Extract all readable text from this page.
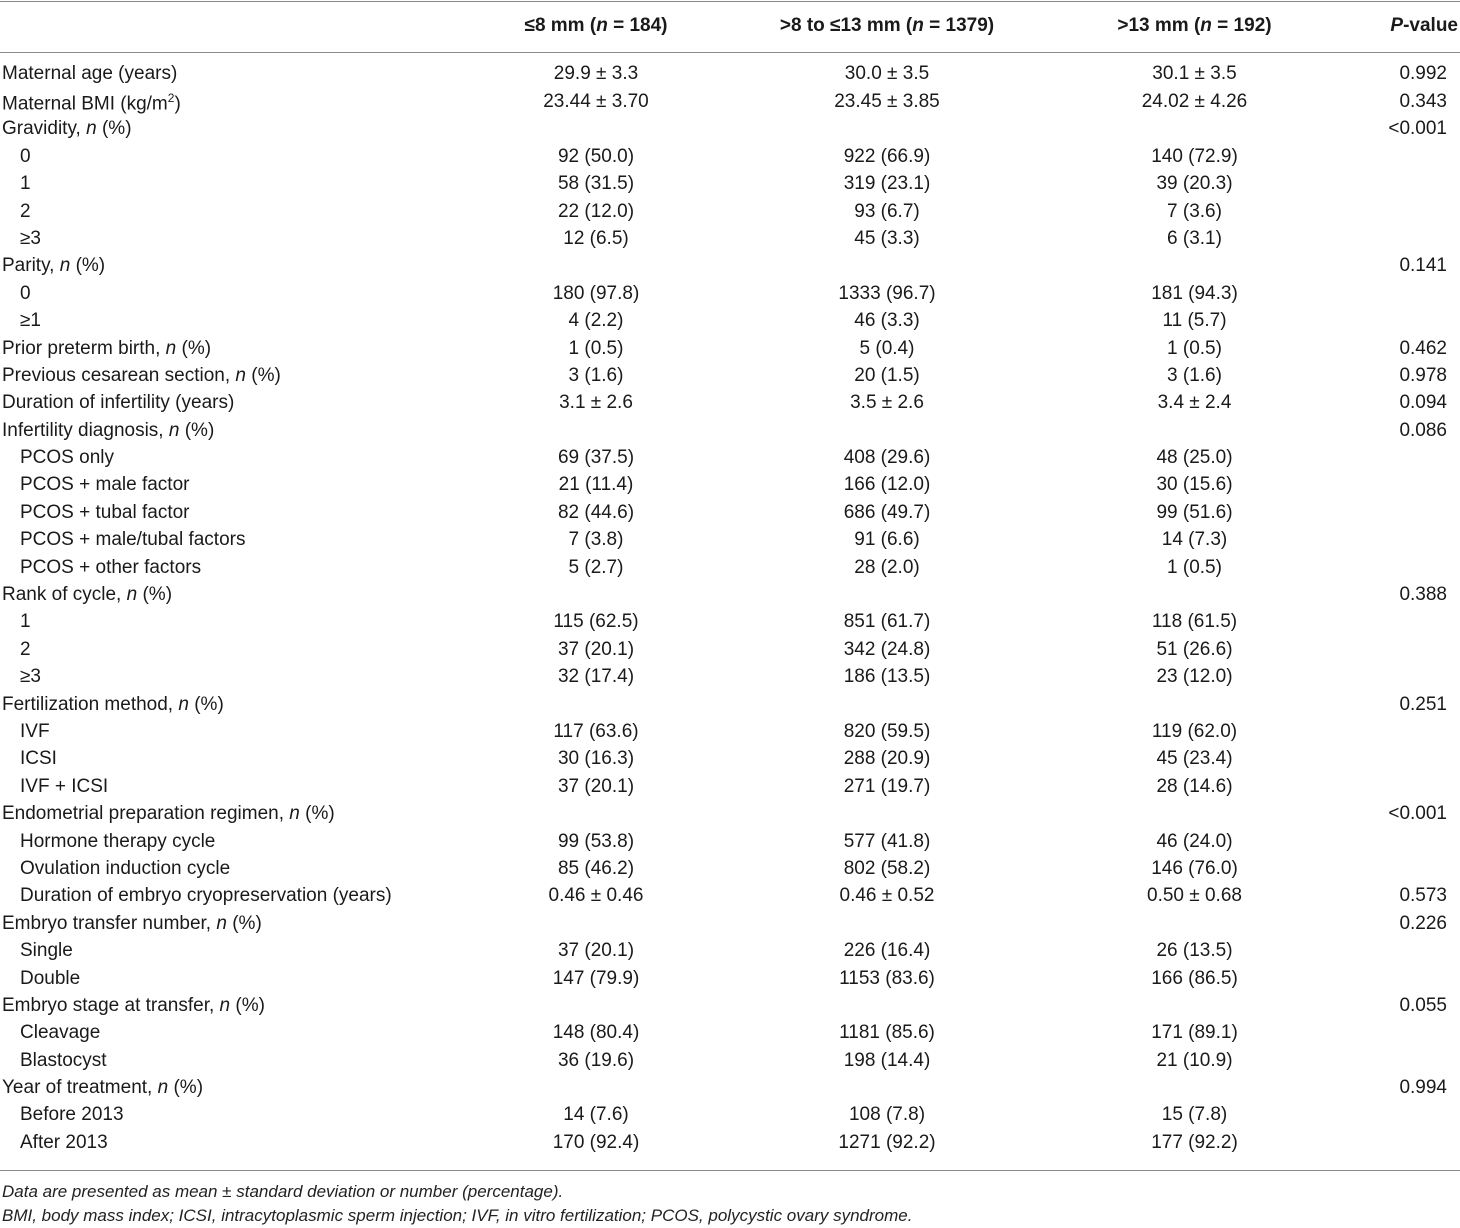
	≤8 mm (n = 184)	>8 to ≤13 mm (n = 1379)	>13 mm (n = 192)	P-value

Maternal age (years)	29.9 ± 3.3	30.0 ± 3.5	30.1 ± 3.5	0.992
Maternal BMI $(kg/m^2)$	23.44 ± 3.70	23.45 ± 3.85	24.02 ± 4.26	0.343
Gravidity, n (%)				<0.001
0	92 (50.0)	922 (66.9)	140 (72.9)	
1	58 (31.5)	319 (23.1)	39 (20.3)	
2	22 (12.0)	93 (6.7)	7 (3.6)	
≥3	12 (6.5)	45 (3.3)	6 (3.1)	
Parity, n (%)				0.141
0	180 (97.8)	1333 (96.7)	181 (94.3)	
≥1	4 (2.2)	46 (3.3)	11 (5.7)	
Prior preterm birth, n (%)	1 (0.5)	5 (0.4)	1 (0.5)	0.462
Previous cesarean section, n (%)	3 (1.6)	20 (1.5)	3 (1.6)	0.978
Duration of infertility (years)	3.1 ± 2.6	3.5 ± 2.6	3.4 ± 2.4	0.094
Infertility diagnosis, n (%)				0.086
PCOS only	69 (37.5)	408 (29.6)	48 (25.0)	
PCOS + male factor	21 (11.4)	166 (12.0)	30 (15.6)	
PCOS + tubal factor	82 (44.6)	686 (49.7)	99 (51.6)	
PCOS + male/tubal factors	7 (3.8)	91 (6.6)	14 (7.3)	
PCOS + other factors	5 (2.7)	28 (2.0)	1 (0.5)	
Rank of cycle, n (%)				0.388
1	115 (62.5)	851 (61.7)	118 (61.5)	
2	37 (20.1)	342 (24.8)	51 (26.6)	
≥3	32 (17.4)	186 (13.5)	23 (12.0)	
Fertilization method, n (%)				0.251
IVF	117 (63.6)	820 (59.5)	119 (62.0)	
ICSI	30 (16.3)	288 (20.9)	45 (23.4)	
IVF + ICSI	37 (20.1)	271 (19.7)	28 (14.6)	
Endometrial preparation regimen, n (%)				<0.001
Hormone therapy cycle	99 (53.8)	577 (41.8)	46 (24.0)	
Ovulation induction cycle	85 (46.2)	802 (58.2)	146 (76.0)	
Duration of embryo cryopreservation (years)	0.46 ± 0.46	0.46 ± 0.52	0.50 ± 0.68	0.573
Embryo transfer number, n (%)				0.226
Single	37 (20.1)	226 (16.4)	26 (13.5)	
Double	147 (79.9)	1153 (83.6)	166 (86.5)	
Embryo stage at transfer, n (%)				0.055
Cleavage	148 (80.4)	1181 (85.6)	171 (89.1)	
Blastocyst	36 (19.6)	198 (14.4)	21 (10.9)	
Year of treatment, n (%)				0.994
Before 2013	14 (7.6)	108 (7.8)	15 (7.8)	
After 2013	170 (92.4)	1271 (92.2)	177 (92.2)	
Data are presented as mean ± standard deviation or number (percentage).
BMI, body mass index; ICSI, intracytoplasmic sperm injection; IVF, in vitro fertilization; PCOS, polycystic ovary syndrome.
